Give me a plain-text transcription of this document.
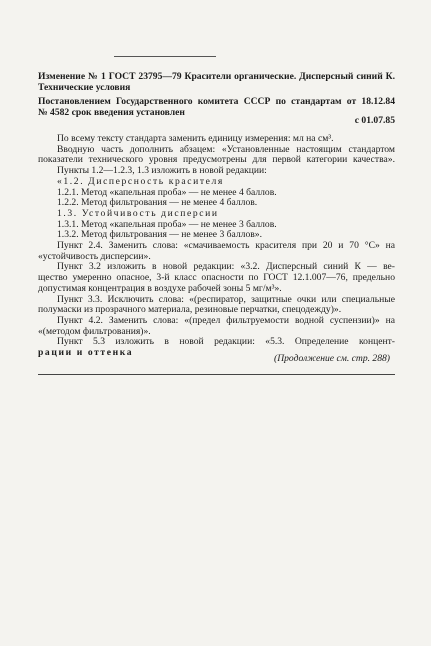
Изменение № 1 ГОСТ 23795—79 Красители органические. Дисперсный синий К.
Технические условия
Постановлением Государственного комитета СССР по стандартам от 18.12.84
№ 4582 срок введения установлен
с 01.07.85
По всему тексту стандарта заменить единицу измерения: мл на см³.
Вводную часть дополнить абзацем: «Установленные настоящим стандартом
показатели технического уровня предусмотрены для первой категории качества».
Пункты 1.2—1.2.3, 1.3 изложить в новой редакции:
«1.2. Дисперсность красителя
1.2.1. Метод «капельная проба» — не менее 4 баллов.
1.2.2. Метод фильтрования — не менее 4 баллов.
1.3. Устойчивость дисперсии
1.3.1. Метод «капельная проба» — не менее 3 баллов.
1.3.2. Метод фильтрования — не менее 3 баллов».
Пункт 2.4. Заменить слова: «смачиваемость красителя при 20 и 70 °С» на
«устойчивость дисперсии».
Пункт 3.2 изложить в новой редакции: «3.2. Дисперсный синий К — ве-
щество умеренно опасное, 3-й класс опасности по ГОСТ 12.1.007—76, предельно
допустимая концентрация в воздухе рабочей зоны 5 мг/м³».
Пункт 3.3. Исключить слова: «(респиратор, защитные очки или специальные
полумаски из прозрачного материала, резиновые перчатки, спецодежду)».
Пункт 4.2. Заменить слова: «(предел фильтруемости водной суспензии)» на
«(методом фильтрования)».
Пункт 5.3 изложить в новой редакции: «5.3. Определение концент-
рации и оттенка
(Продолжение см. стр. 288)
